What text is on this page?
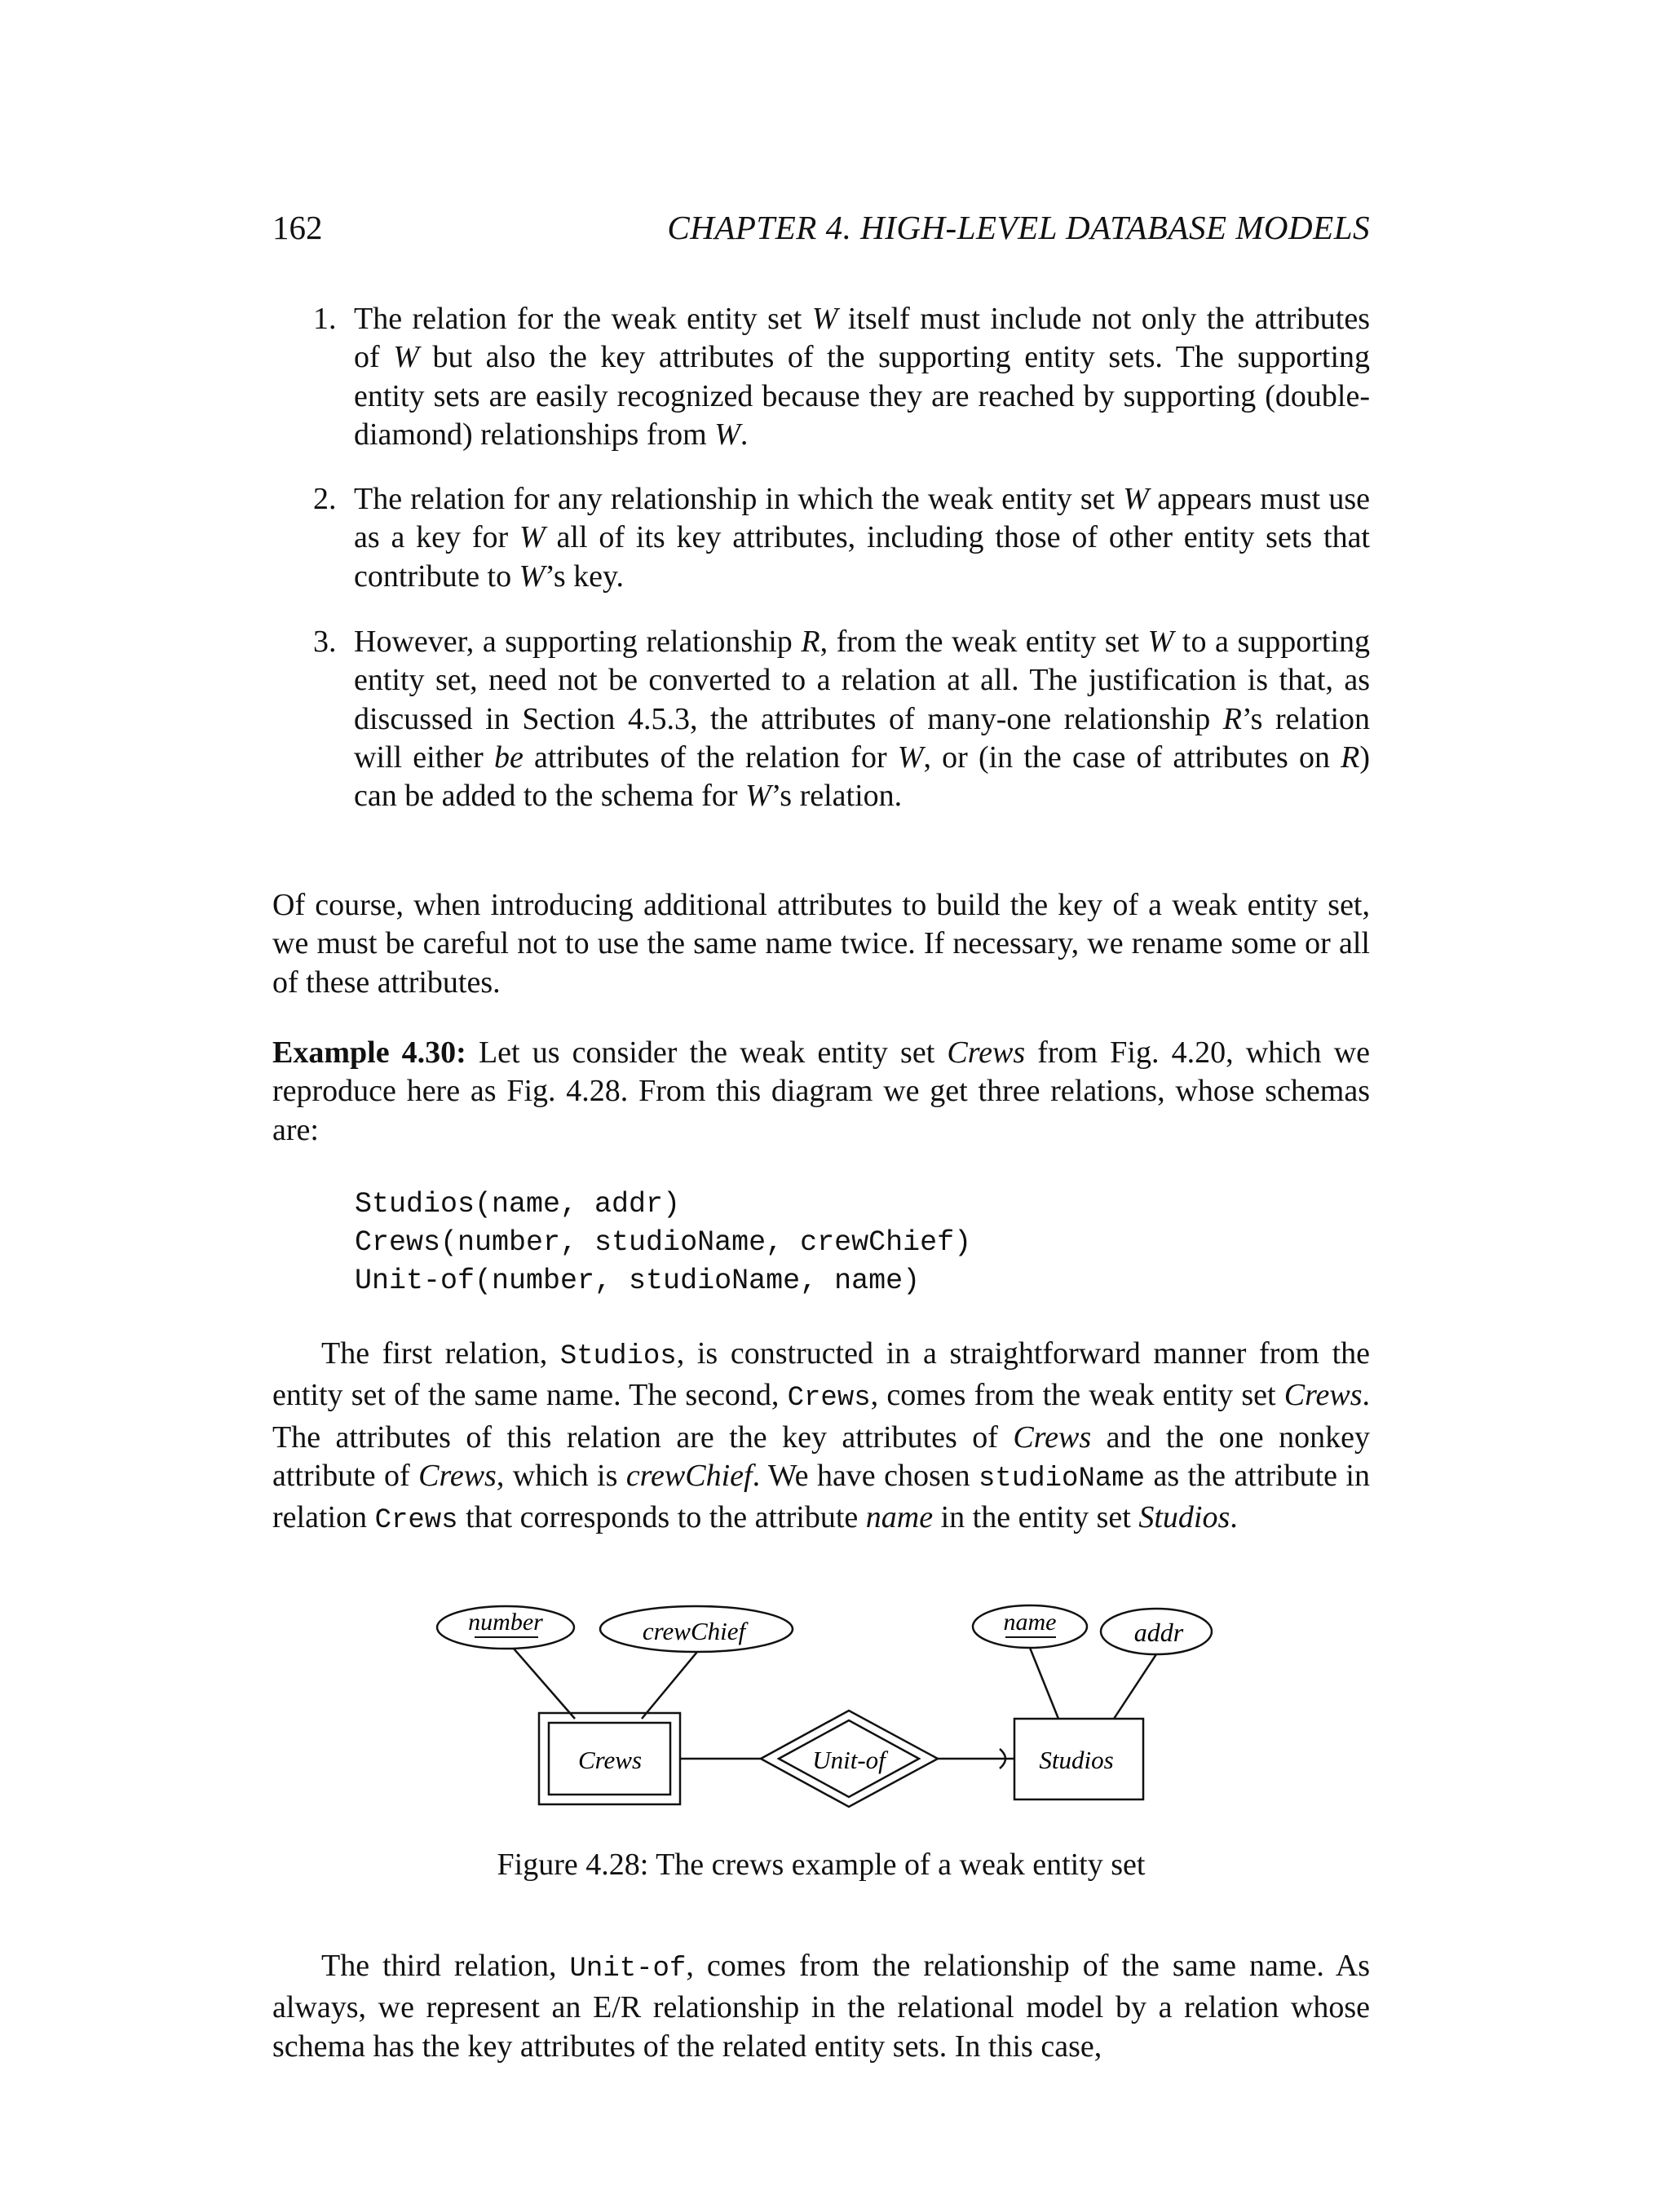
162	CHAPTER 4. HIGH-LEVEL DATABASE MODELS
1. The relation for the weak entity set W itself must include not only the attributes of W but also the key attributes of the supporting entity sets. The supporting entity sets are easily recognized because they are reached by supporting (double-diamond) relationships from W.
2. The relation for any relationship in which the weak entity set W appears must use as a key for W all of its key attributes, including those of other entity sets that contribute to W’s key.
3. However, a supporting relationship R, from the weak entity set W to a supporting entity set, need not be converted to a relation at all. The justification is that, as discussed in Section 4.5.3, the attributes of many-one relationship R’s relation will either be attributes of the relation for W, or (in the case of attributes on R) can be added to the schema for W’s relation.

Of course, when introducing additional attributes to build the key of a weak entity set, we must be careful not to use the same name twice. If necessary, we rename some or all of these attributes.

Example 4.30: Let us consider the weak entity set Crews from Fig. 4.20, which we reproduce here as Fig. 4.28. From this diagram we get three relations, whose schemas are:

Studios(name, addr)
Crews(number, studioName, crewChief)
Unit-of(number, studioName, name)

The first relation, Studios, is constructed in a straightforward manner from the entity set of the same name. The second, Crews, comes from the weak entity set Crews. The attributes of this relation are the key attributes of Crews and the one nonkey attribute of Crews, which is crewChief. We have chosen studioName as the attribute in relation Crews that corresponds to the attribute name in the entity set Studios.

number	crewChief	name	addr
Crews	Studios
Unit-of
Figure 4.28: The crews example of a weak entity set

The third relation, Unit-of, comes from the relationship of the same name. As always, we represent an E/R relationship in the relational model by a relation whose schema has the key attributes of the related entity sets. In this case,
